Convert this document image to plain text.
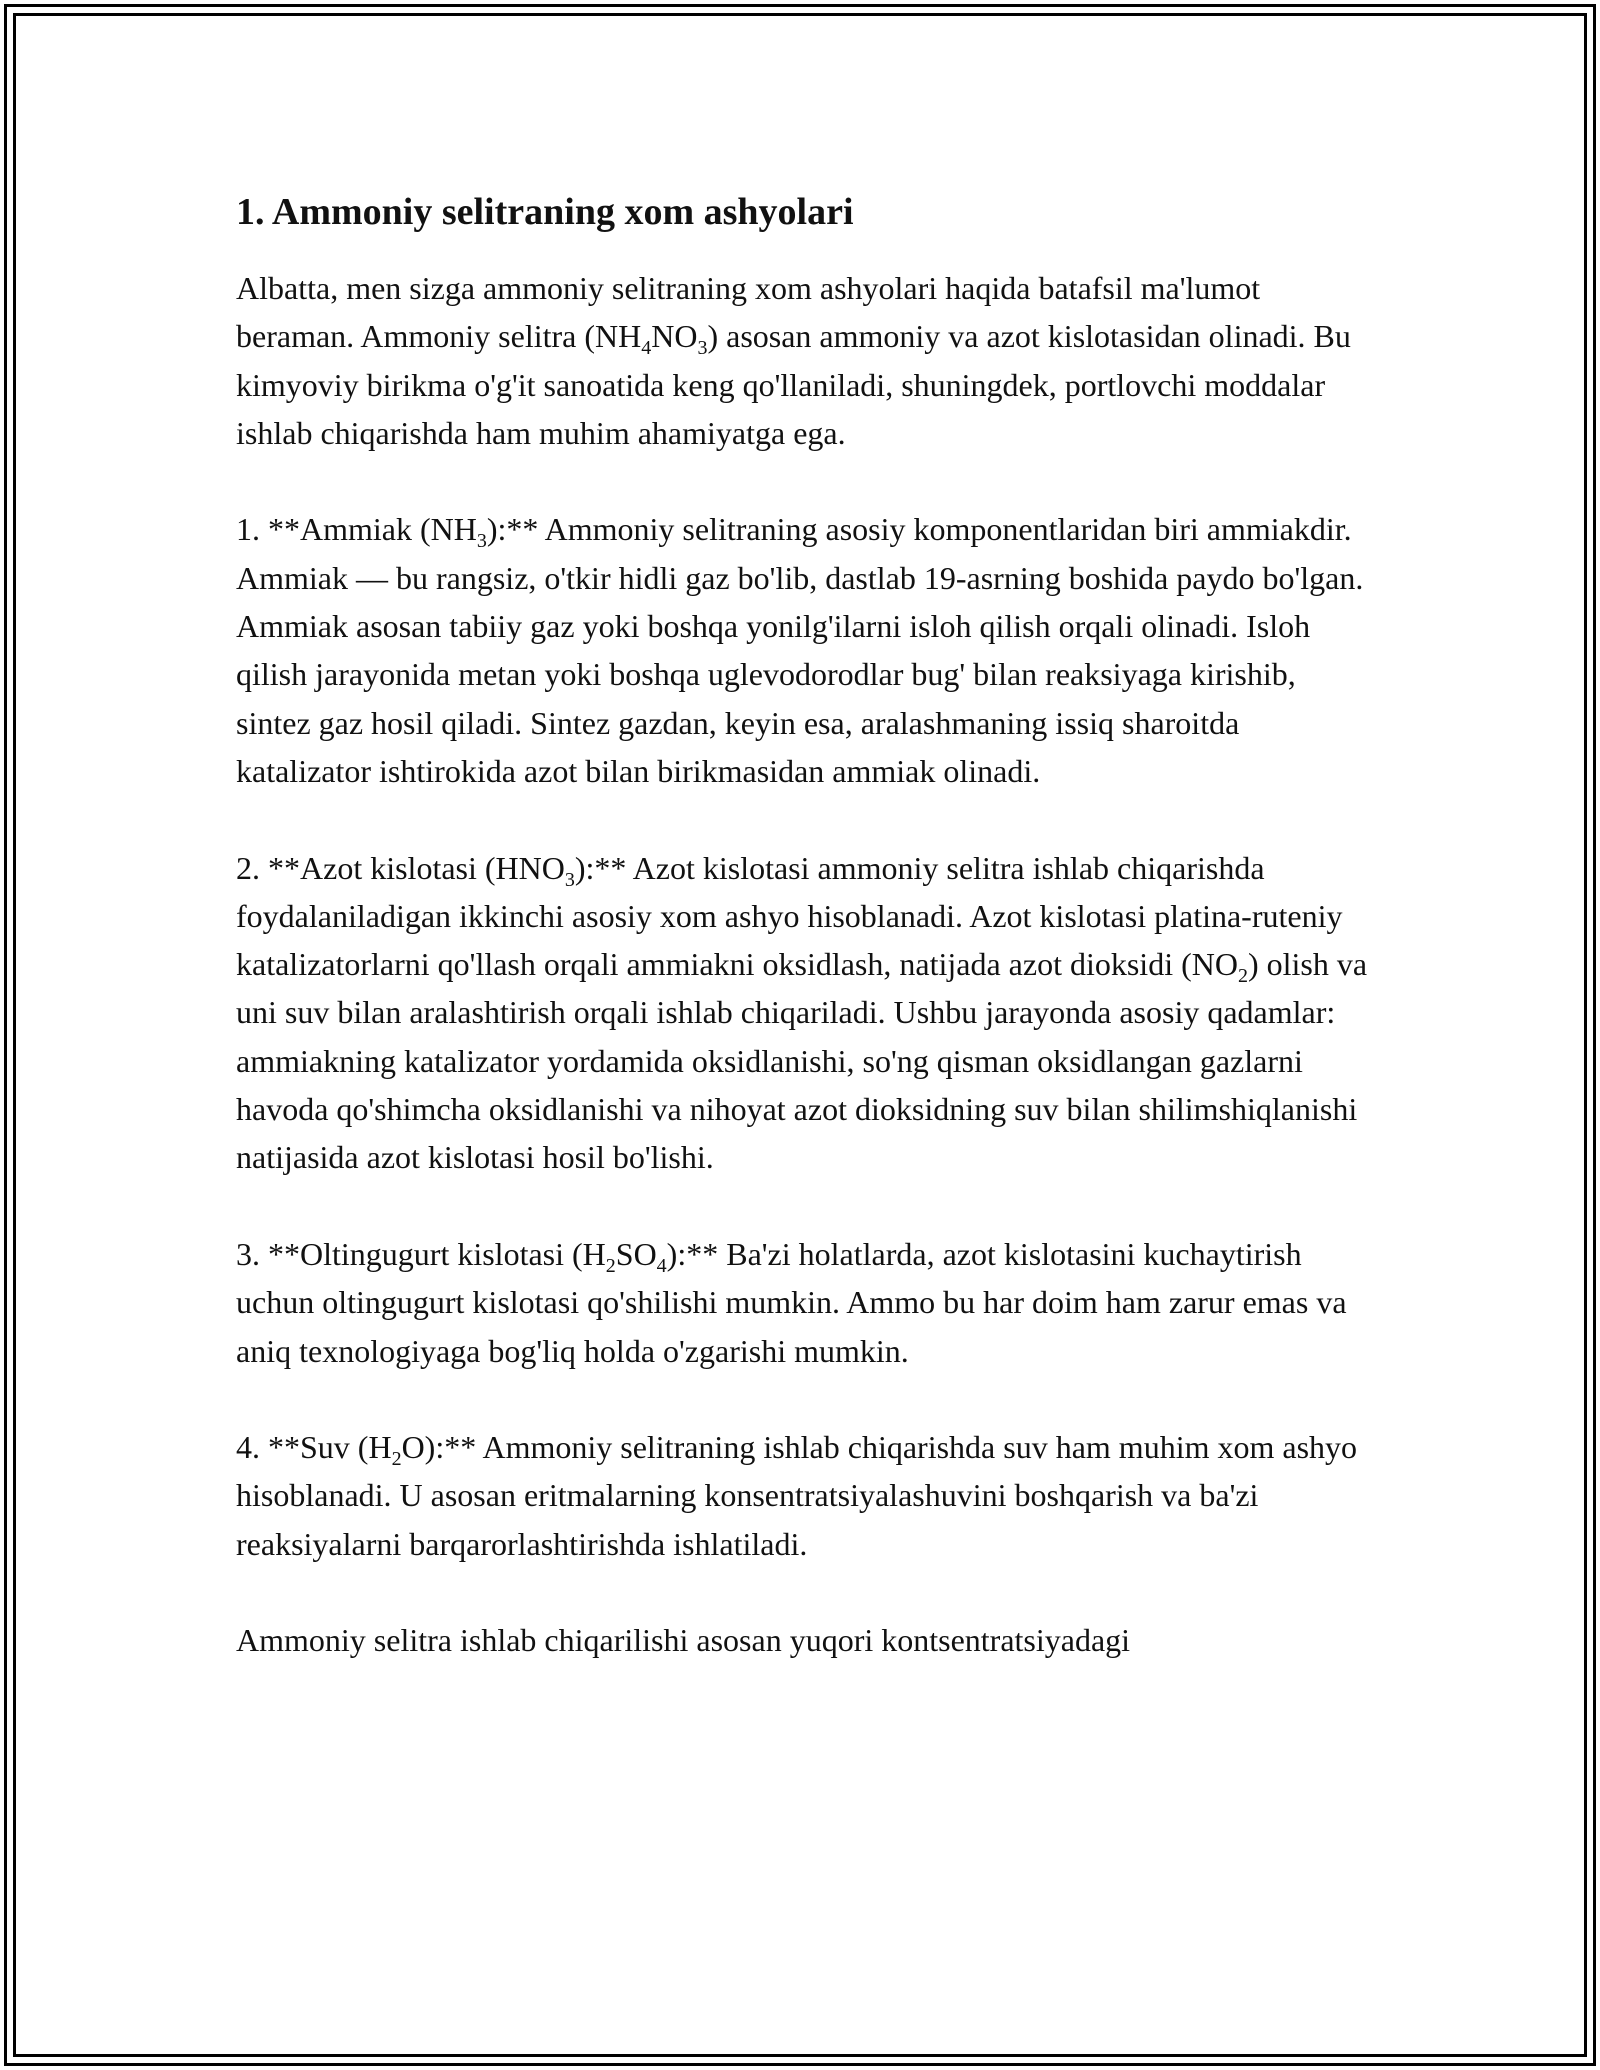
1. Ammoniy selitraning xom ashyolari

Albatta, men sizga ammoniy selitraning xom ashyolari haqida batafsil ma'lumot beraman. Ammoniy selitra $(NH_4NO_3)$ asosan ammoniy va azot kislotasidan olinadi. Bu kimyoviy birikma o'g'it sanoatida keng qo'llaniladi, shuningdek, portlovchi moddalar ishlab chiqarishda ham muhim ahamiyatga ega.

1. **Ammiak $(NH_3):**$ Ammoniy selitraning asosiy komponentlaridan biri ammiakdir. Ammiak — bu rangsiz, o'tkir hidli gaz bo'lib, dastlab 19-asrning boshida paydo bo'lgan. Ammiak asosan tabiiy gaz yoki boshqa yonilg'ilarni isloh qilish orqali olinadi. Isloh qilish jarayonida metan yoki boshqa uglevodorodlar bug' bilan reaksiyaga kirishib, sintez gaz hosil qiladi. Sintez gazdan, keyin esa, aralashmaning issiq sharoitda katalizator ishtirokida azot bilan birikmasidan ammiak olinadi.

2. **Azot kislotasi $(HNO_3):**$ Azot kislotasi ammoniy selitra ishlab chiqarishda foydalaniladigan ikkinchi asosiy xom ashyo hisoblanadi. Azot kislotasi platina-ruteniy katalizatorlarni qo'llash orqali ammiakni oksidlash, natijada azot dioksidi $(NO_2)$ olish va uni suv bilan aralashtirish orqali ishlab chiqariladi. Ushbu jarayonda asosiy qadamlar: ammiakning katalizator yordamida oksidlanishi, so'ng qisman oksidlangan gazlarni havoda qo'shimcha oksidlanishi va nihoyat azot dioksidning suv bilan shilimshiqlanishi natijasida azot kislotasi hosil bo'lishi.

3. **Oltingugurt kislotasi $(H_2SO_4):**$ Ba'zi holatlarda, azot kislotasini kuchaytirish uchun oltingugurt kislotasi qo'shilishi mumkin. Ammo bu har doim ham zarur emas va aniq texnologiyaga bog'liq holda o'zgarishi mumkin.

4. **Suv $(H_2O):**$ Ammoniy selitraning ishlab chiqarishda suv ham muhim xom ashyo hisoblanadi. U asosan eritmalarning konsentratsiyalashuvini boshqarish va ba'zi reaksiyalarni barqarorlashtirishda ishlatiladi.

Ammoniy selitra ishlab chiqarilishi asosan yuqori kontsentratsiyadagi
